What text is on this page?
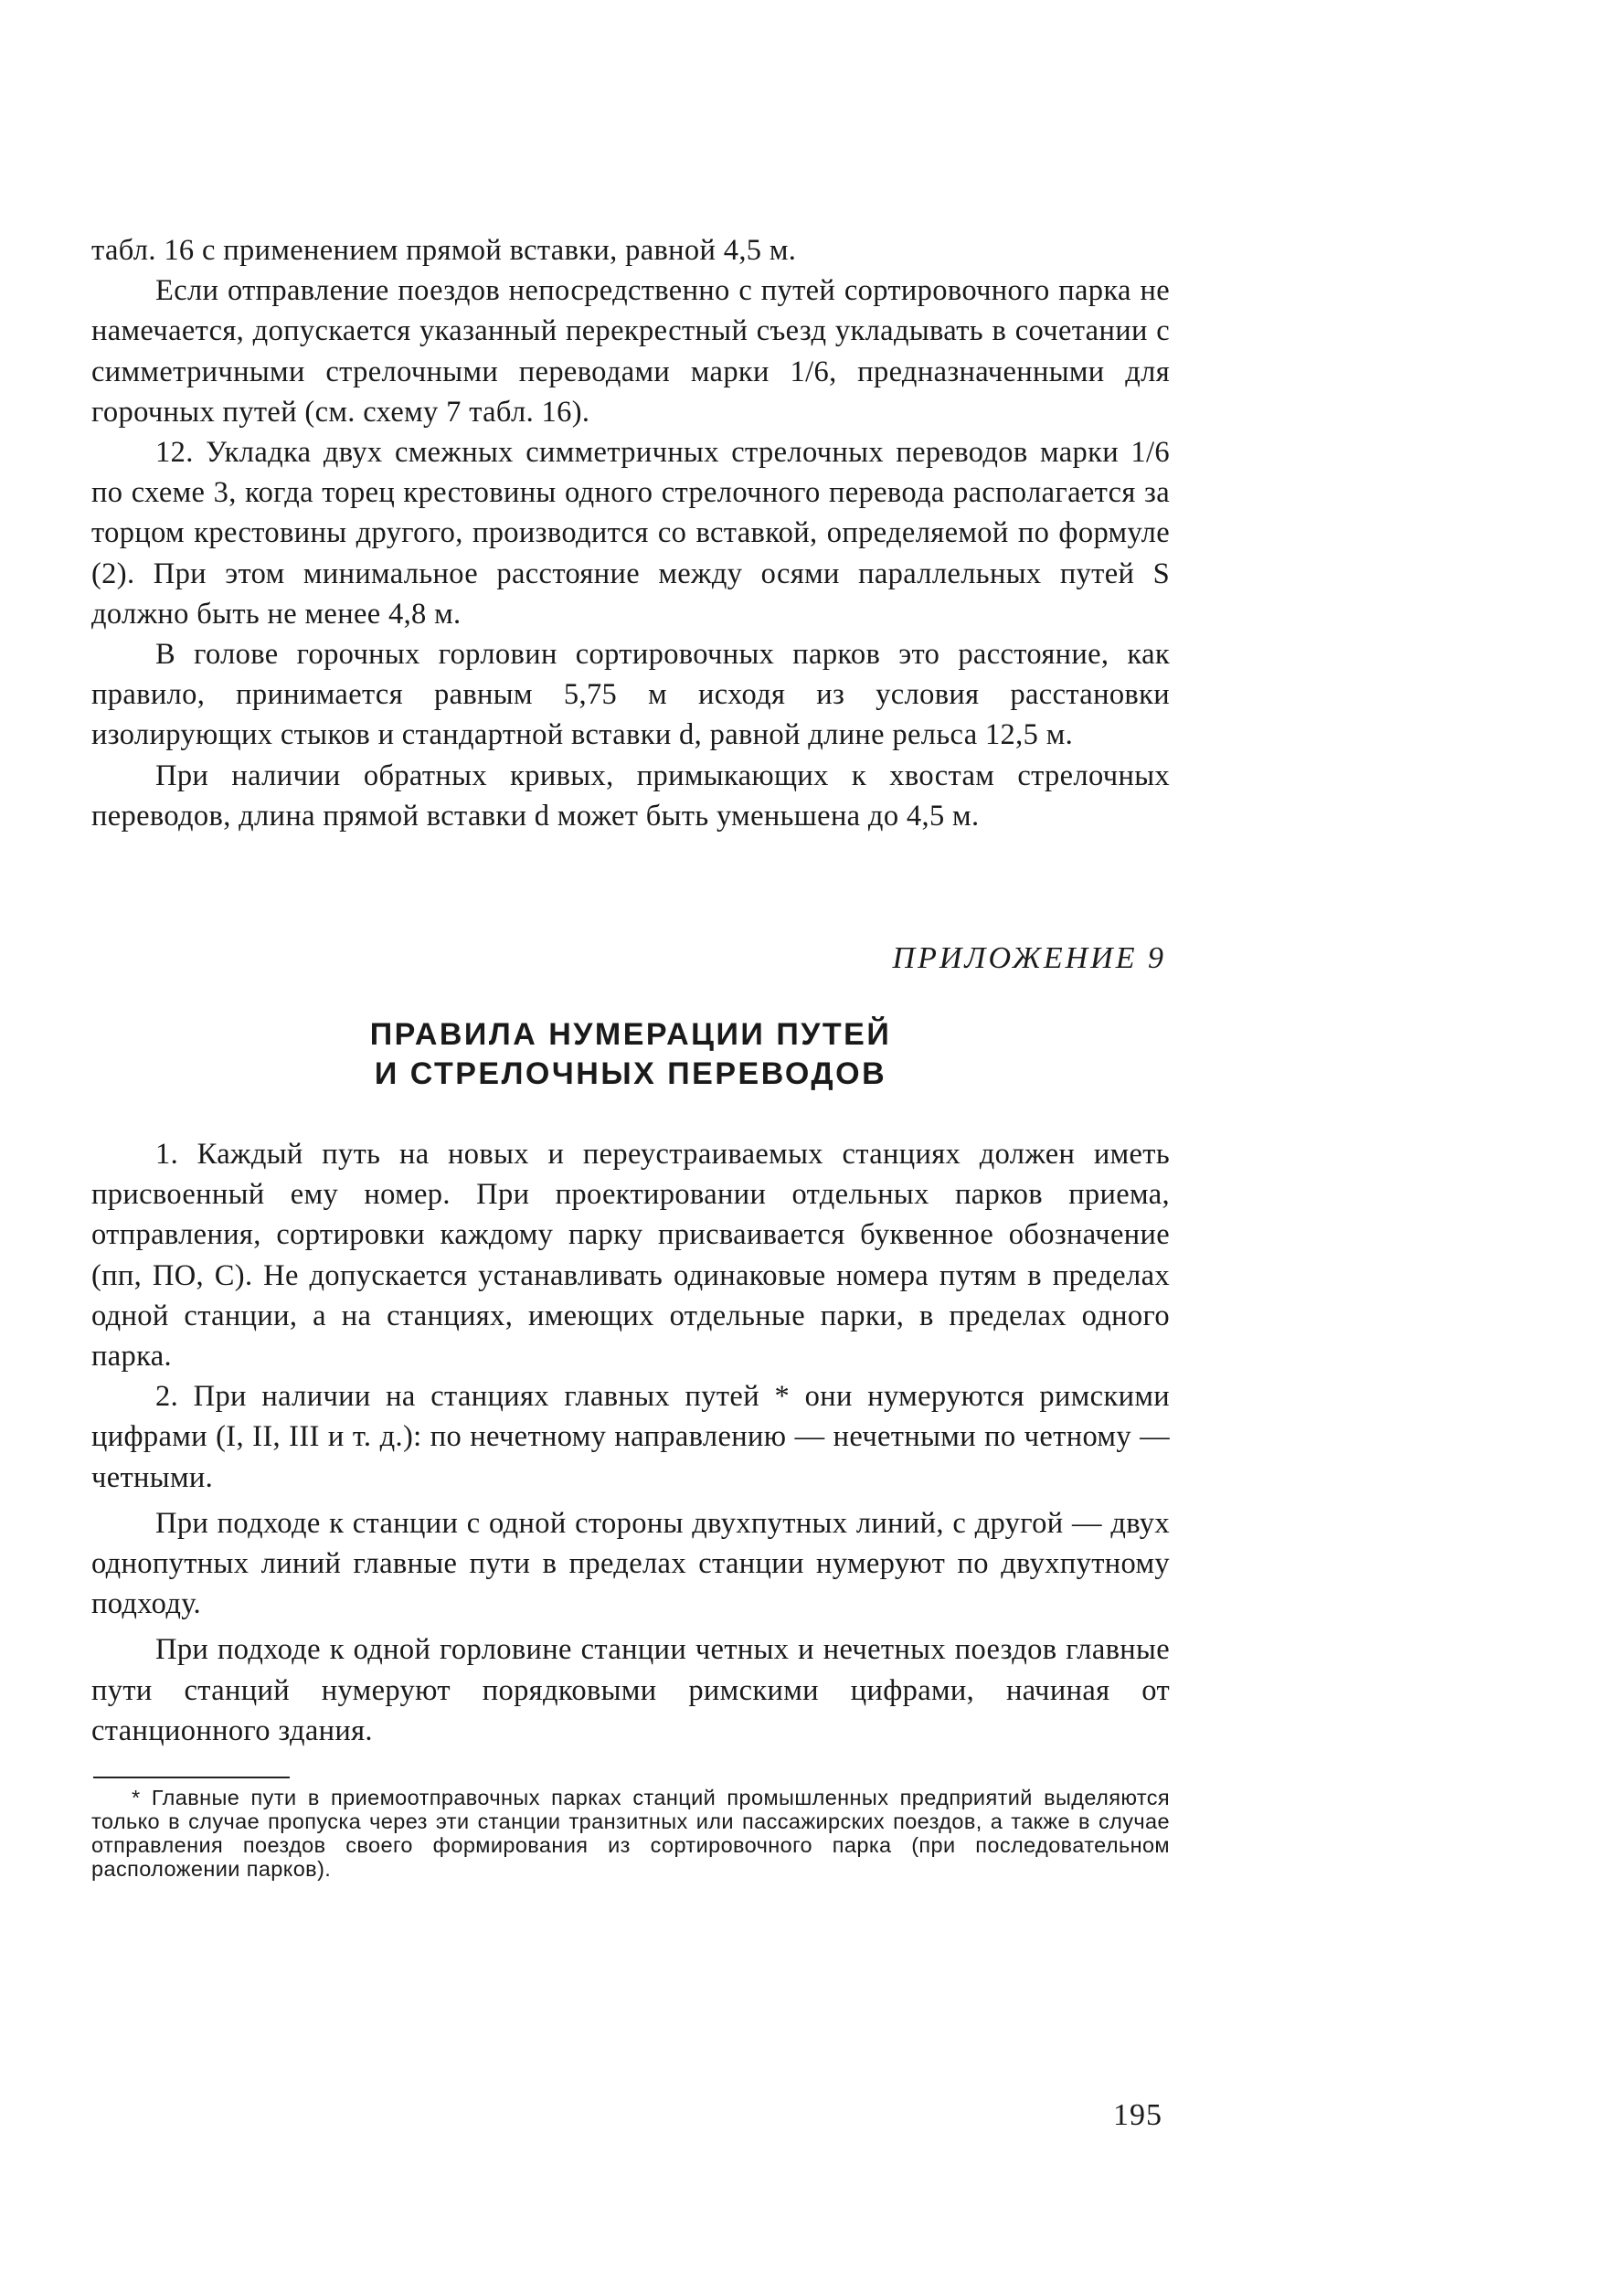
табл. 16 с применением прямой вставки, равной 4,5 м.

Если отправление поездов непосредственно с путей сортировочного парка не намечается, допускается указанный перекрестный съезд укладывать в сочетании с симметричными стрелочными переводами марки 1/6, предназначенными для горочных путей (см. схему 7 табл. 16).

12. Укладка двух смежных симметричных стрелочных переводов марки 1/6 по схеме 3, когда торец крестовины одного стрелочного перевода располагается за торцом крестовины другого, производится со вставкой, определяемой по формуле (2). При этом минимальное расстояние между осями параллельных путей S должно быть не менее 4,8 м.

В голове горочных горловин сортировочных парков это расстояние, как правило, принимается равным 5,75 м исходя из условия расстановки изолирующих стыков и стандартной вставки d, равной длине рельса 12,5 м.

При наличии обратных кривых, примыкающих к хвостам стрелочных переводов, длина прямой вставки d может быть уменьшена до 4,5 м.

ПРИЛОЖЕНИЕ 9
ПРАВИЛА НУМЕРАЦИИ ПУТЕЙ
И СТРЕЛОЧНЫХ ПЕРЕВОДОВ

1. Каждый путь на новых и переустраиваемых станциях должен иметь присвоенный ему номер. При проектировании отдельных парков приема, отправления, сортировки каждому парку присваивается буквенное обозначение (пп, ПО, С). Не допускается устанавливать одинаковые номера путям в пределах одной станции, а на станциях, имеющих отдельные парки, в пределах одного парка.

2. При наличии на станциях главных путей * они нумеруются римскими цифрами (I, II, III и т. д.): по нечетному направлению — нечетными по четному — четными.

При подходе к станции с одной стороны двухпутных линий, с другой — двух однопутных линий главные пути в пределах станции нумеруют по двухпутному подходу.

При подходе к одной горловине станции четных и нечетных поездов главные пути станций нумеруют порядковыми римскими цифрами, начиная от станционного здания.

* Главные пути в приемоотправочных парках станций промышленных предприятий выделяются только в случае пропуска через эти станции транзитных или пассажирских поездов, а также в случае отправления поездов своего формирования из сортировочного парка (при последовательном расположении парков).

195
